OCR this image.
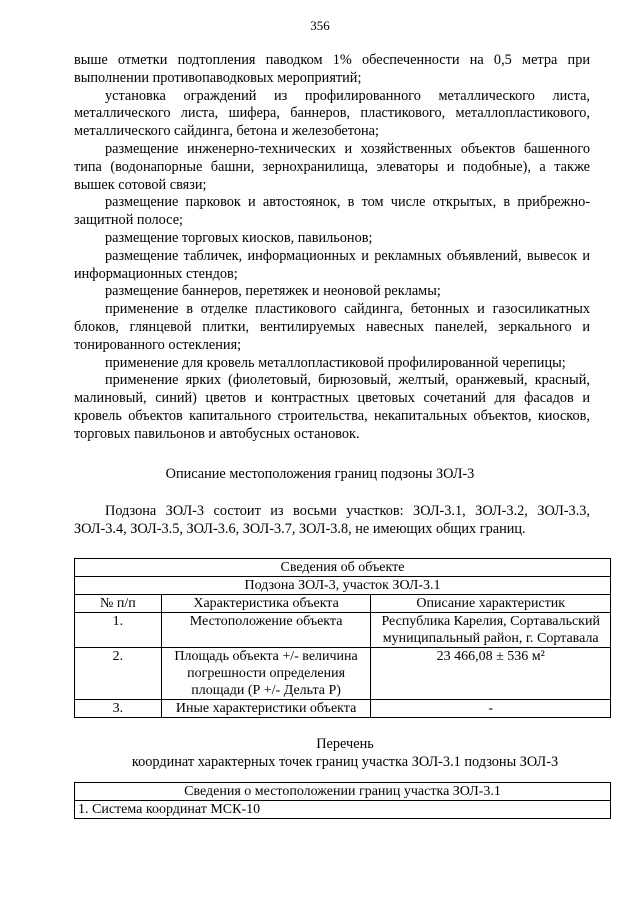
356

выше отметки подтопления паводком 1% обеспеченности на 0,5 метра при выполнении противопаводковых мероприятий;

установка ограждений из профилированного металлического листа, металлического листа, шифера, баннеров, пластикового, металлопластикового, металлического сайдинга, бетона и железобетона;

размещение инженерно-технических и хозяйственных объектов башенного типа (водонапорные башни, зернохранилища, элеваторы и подобные), а также вышек сотовой связи;

размещение парковок и автостоянок, в том числе открытых, в прибрежно-защитной полосе;

размещение торговых киосков, павильонов;

размещение табличек, информационных и рекламных объявлений, вывесок и информационных стендов;

размещение баннеров, перетяжек и неоновой рекламы;

применение в отделке пластикового сайдинга, бетонных и газосиликатных блоков, глянцевой плитки, вентилируемых навесных панелей, зеркального и тонированного остекления;

применение для кровель металлопластиковой профилированной черепицы;

применение ярких (фиолетовый, бирюзовый, желтый, оранжевый, красный, малиновый, синий) цветов и контрастных цветовых сочетаний для фасадов и кровель объектов капитального строительства, некапитальных объектов, киосков, торговых павильонов и автобусных остановок.

Описание местоположения границ подзоны ЗОЛ-3

Подзона ЗОЛ-3 состоит из восьми участков: ЗОЛ-3.1, ЗОЛ-3.2, ЗОЛ-3.3, ЗОЛ-3.4, ЗОЛ-3.5, ЗОЛ-3.6, ЗОЛ-3.7, ЗОЛ-3.8, не имеющих общих границ.

Сведения об объекте		
Подзона ЗОЛ-3, участок ЗОЛ-3.1		
№ п/п	Характеристика объекта	Описание характеристик
1.	Местоположение объекта	Республика Карелия, Сортавальский муниципальный район, г. Сортавала
2.	Площадь объекта +/- величина погрешности определения площади (Р +/- Дельта Р)	23 466,08 ± 536 м²
3.	Иные характеристики объекта	-
Перечень
координат характерных точек границ участка ЗОЛ-3.1 подзоны ЗОЛ-3
Сведения о местоположении границ участка ЗОЛ-3.1
1. Система координат МСК-10
